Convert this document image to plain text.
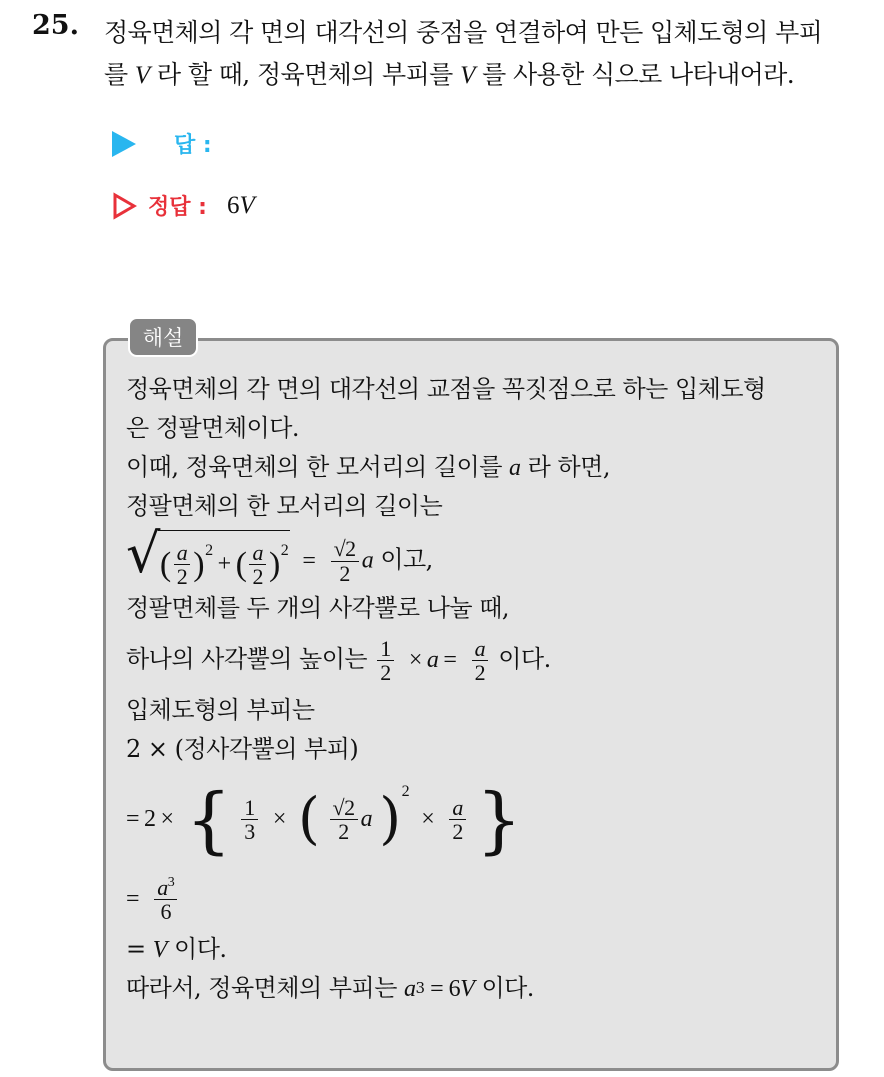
25. 정육면체의 각 면의 대각선의 중점을 연결하여 만든 입체도형의 부피
를 V 라 할 때, 정육면체의 부피를 V 를 사용한 식으로 나타내어라.
답 :
정답 : 6V
해설
정육면체의 각 면의 대각선의 교점을 꼭짓점으로 하는 입체도형
은 정팔면체이다.
이때, 정육면체의 한 모서리의 길이를 a 라 하면,
정팔면체의 한 모서리의 길이는
√ ( $\frac{a}{2}$ ) 2
+ ( $\frac{a}{2}$ ) $2 = \frac{√2}{2}$ a 이고,
정팔면체를 두 개의 사각뿔로 나눌 때,
하나의 사각뿔의 높이는 $\frac{1}{2} \times a = \frac{a}{2}$ 이다.
입체도형의 부피는
2 × (정사각뿔의 부피)
= 2 × { $\frac{1}{3}$ × ( $\frac{√2}{2}$ a )$^2 \times \frac{a}{2}$ }
= $\frac{a^3}{6}$
= V 이다.
따라서, 정육면체의 부피는 $a^3 = 6V$ 이다.
